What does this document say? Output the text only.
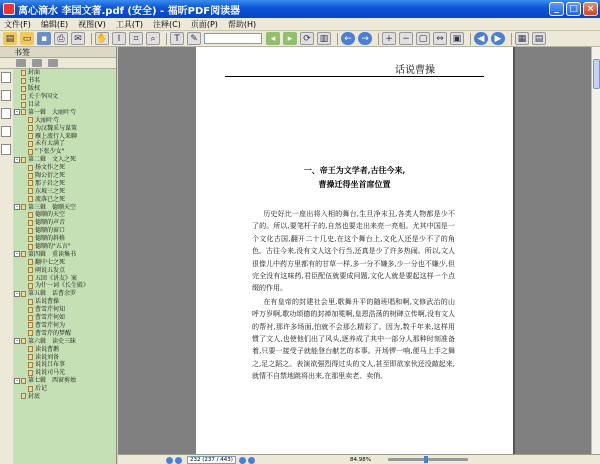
离心滴水 李国文著.pdf (安全) - 福昕PDF阅读器	_	□ ×
文件(F) 编辑(E) 视图(V) 工具(T) 注释(C) 页面(P) 帮助(H)
▤ ▭	▪	⎙	✉	✋	I	⌗	⌕	T	✎	◂	▸	⟳ ▥	←	→	+	− ▢ ⇔ ▣	◀	▶	▦ ▤
书签
封面
书名
版权
关于李国文
目录
-	第一辑　大丽叶芍
大丽叶芍
为汉魏采与谋策
雁上流行人来聊
未有太满了
"下张少女"
-	第二辑　文人之死
扬文作之死
陶公衍之死
那子岩之死
东坡三之死
流落已之死
-	第三辑　德顺天空
德顺的天空
德顺的声音
德顺的窗口
德顺的斜格
德顺的"五言"
-	第四辑　重读集书
翻中七之死
阐说五发点
五回《讲友》案
为什一词《长生殿》
-	第五辑　话曹余罗
话说曹操
曹雪芹何知
曹雪芹何如
曹雪芹何为
曹雪芹的梦醒
-	第六辑　读史三昧
读说曹鹅
读说刘备
说说吕布事
说说司马光
-	第七辑　西窗剪烛
后记
封底
话说曹操
一、帝王为文学者,古往今来,
曹操迁得坐首席位置

历史好比一座出将入相的舞台,生旦净末丑,各类人物都是少不了的。所以,要笔杆子的,自然也要走出来亮一亮相。尤其中国是一个文化古国,翻开二十几史,在这个舞台上,文化人还是少不了的角色。古往今来,没有文人这个行当,还真是少了许多热闹。所以,文人很像儿中药方里都有的甘草一样,多一分不嫌多,少一分也不嫌少,但完全没有这味药,君臣配伍就要成问题,文化人就是要起这样一个点缀的作用。

在有皇帝的封建社会里,歌舞升平的随班唱和啊,文修武治的山呼万岁啊,歌功颂德的封禅加冕啊,皇恩浩荡的树碑立传啊,没有文人的帮衬,那许多场面,怕就不会那么精彩了。因为,数千年来,这样用惯了文人,也使他们出了风头,逐养成了其中一部分人那种时刻准备着,只要一接受子就能登台献艺的本事。开场锣一响,便马上手之舞之,足之蹈之。表演欲强烈得过头的文人,甚至即欲家伙还没敲起来,就情不自禁地跳将出来,在那里卖老、卖俏、

232 (237 / 443)	84.98%
